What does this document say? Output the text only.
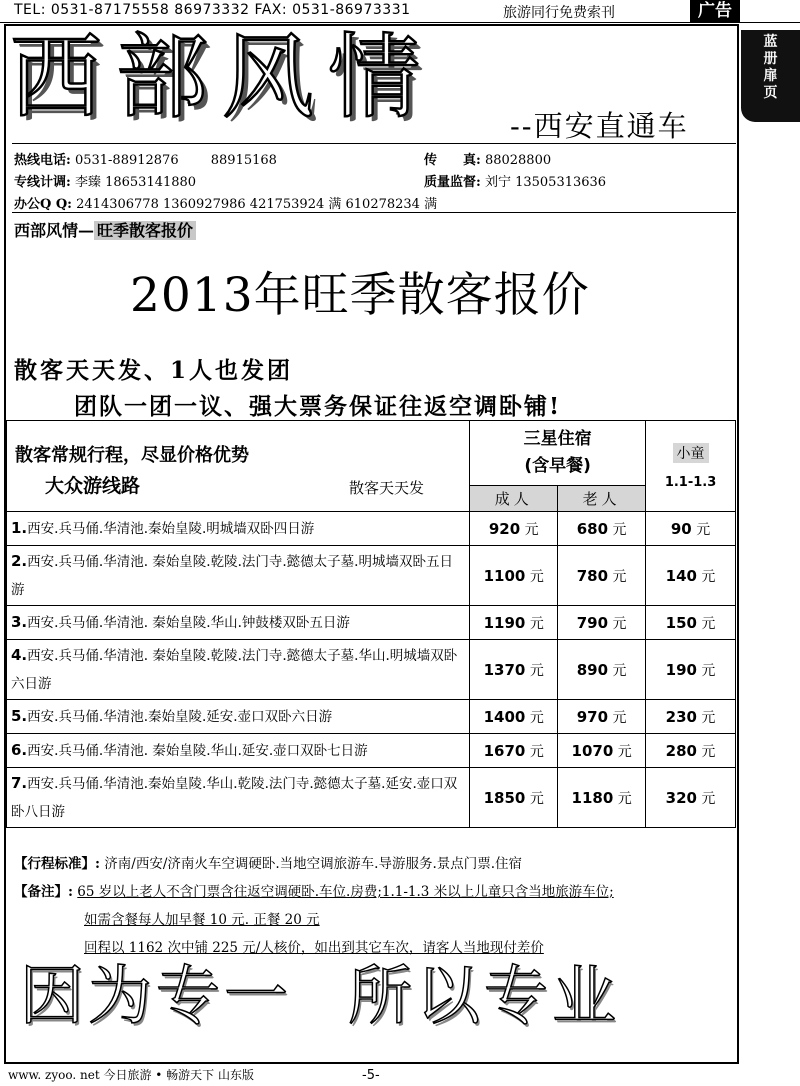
TEL: 0531-87175558 86973332 FAX: 0531-86973331	旅游同行免费索刊	广告
蓝
册
扉
页
西部风情	--西安直通车
热线电话: 0531-88912876 88915168	传　　真: 88028800
专线计调: 李臻 18653141880	质量监督: 刘宁 13505313636
办公Q Q: 2414306778 1360927986 421753924 满 610278234 满
西部风情— 旺季散客报价
2013年旺季散客报价
散客天天发、1人也发团
团队一团一议、强大票务保证往返空调卧铺!
散客常规行程，尽显价格优势
大众游线路 散客天天发	三星住宿
(含早餐)		小童
1.1-1.3

	成人	老人	
1.西安.兵马俑.华清池.秦始皇陵.明城墙双卧四日游	920 元	680 元	90 元
2.西安.兵马俑.华清池. 秦始皇陵.乾陵.法门寺.懿德太子墓.明城墙双卧五日游	1100 元	780 元	140 元
3.西安.兵马俑.华清池. 秦始皇陵.华山.钟鼓楼双卧五日游	1190 元	790 元	150 元
4.西安.兵马俑.华清池. 秦始皇陵.乾陵.法门寺.懿德太子墓.华山.明城墙双卧六日游	1370 元	890 元	190 元
5.西安.兵马俑.华清池.秦始皇陵.延安.壶口双卧六日游	1400 元	970 元	230 元
6.西安.兵马俑.华清池. 秦始皇陵.华山.延安.壶口双卧七日游	1670 元	1070 元	280 元
7.西安.兵马俑.华清池.秦始皇陵.华山.乾陵.法门寺.懿德太子墓.延安.壶口双卧八日游	1850 元	1180 元	320 元
【行程标准】: 济南/西安/济南火车空调硬卧.当地空调旅游车.导游服务.景点门票.住宿
【备注】: 65 岁以上老人不含门票含往返空调硬卧.车位.房费;1.1-1.3 米以上儿童只含当地旅游车位;
如需含餐每人加早餐 10 元. 正餐 20 元
回程以 1162 次中铺 225 元/人核价，如出到其它车次，请客人当地现付差价
因为专一 所以专业
www. zyoo. net 今日旅游 • 畅游天下 山东版	-5-
